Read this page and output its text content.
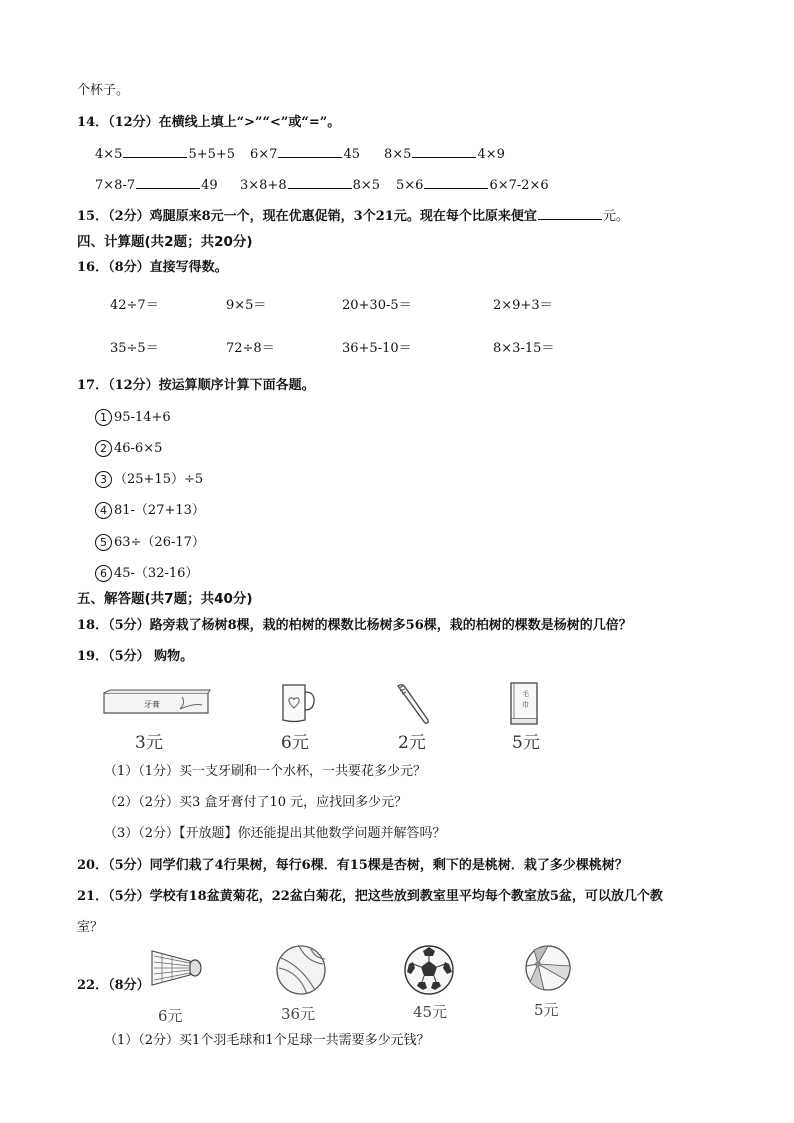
个杯子。
14．（12分）在横线上填上“>”“<”或“=”。
4×5	5+5+5 6×7	45 8×5	4×9
7×8-7	49 3×8+8	8×5 5×6	6×7-2×6
15．（2分）鸡腿原来8元一个，现在优惠促销，3个21元。现在每个比原来便宜	元。
四、计算题(共2题；共20分)
16．（8分）直接写得数。
42÷7＝	9×5＝	20+30-5＝	2×9+3＝
35÷5＝	72÷8＝	36+5-10＝	8×3-15＝
17．（12分）按运算顺序计算下面各题。
1 95-14+6
2 46-6×5
3 （25+15）÷5
4 81-（27+13）
5 63÷（26-17）
6 45-（32-16）
五、解答题(共7题；共40分)
18．（5分）路旁栽了杨树8棵，栽的柏树的棵数比杨树多56棵，栽的柏树的棵数是杨树的几倍？
19．（5分） 购物。
牙膏
毛
巾
3元	6元	2元	5元
（1）（1分）买一支牙刷和一个水杯，一共要花多少元？
（2）（2分）买3 盒牙膏付了10 元，应找回多少元？
（3）（2分）【开放题】你还能提出其他数学问题并解答吗？
20．（5分）同学们栽了4行果树，每行6棵．有15棵是杏树，剩下的是桃树．栽了多少棵桃树？
21．（5分）学校有18盆黄菊花，22盆白菊花，把这些放到教室里平均每个教室放5盆，可以放几个教
室？
22．（8分）
6元	36元	45元	5元
（1）（2分）买1个羽毛球和1个足球一共需要多少元钱？
